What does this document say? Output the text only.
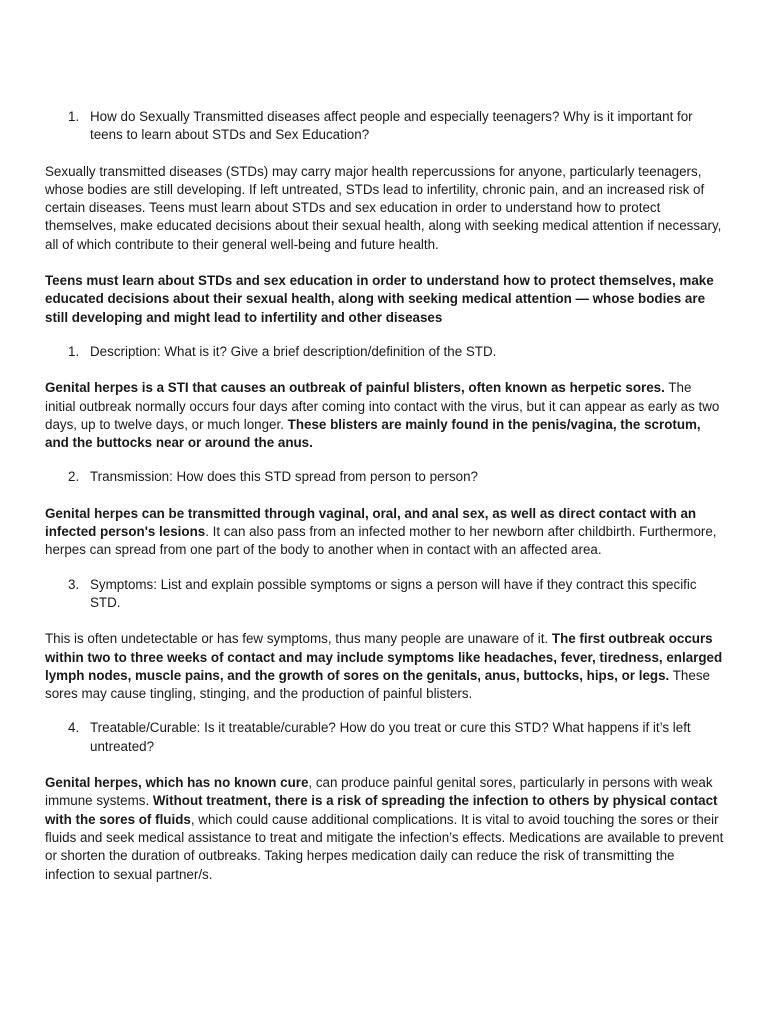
1. How do Sexually Transmitted diseases affect people and especially teenagers? Why is it important for teens to learn about STDs and Sex Education?

Sexually transmitted diseases (STDs) may carry major health repercussions for anyone, particularly teenagers, whose bodies are still developing. If left untreated, STDs lead to infertility, chronic pain, and an increased risk of certain diseases. Teens must learn about STDs and sex education in order to understand how to protect themselves, make educated decisions about their sexual health, along with seeking medical attention if necessary, all of which contribute to their general well-being and future health.

Teens must learn about STDs and sex education in order to understand how to protect themselves, make educated decisions about their sexual health, along with seeking medical attention — whose bodies are still developing and might lead to infertility and other diseases

1. Description: What is it? Give a brief description/definition of the STD.

Genital herpes is a STI that causes an outbreak of painful blisters, often known as herpetic sores. The initial outbreak normally occurs four days after coming into contact with the virus, but it can appear as early as two days, up to twelve days, or much longer. These blisters are mainly found in the penis/vagina, the scrotum, and the buttocks near or around the anus.

2. Transmission: How does this STD spread from person to person?

Genital herpes can be transmitted through vaginal, oral, and anal sex, as well as direct contact with an infected person's lesions. It can also pass from an infected mother to her newborn after childbirth. Furthermore, herpes can spread from one part of the body to another when in contact with an affected area.

3. Symptoms: List and explain possible symptoms or signs a person will have if they contract this specific STD.

This is often undetectable or has few symptoms, thus many people are unaware of it. The first outbreak occurs within two to three weeks of contact and may include symptoms like headaches, fever, tiredness, enlarged lymph nodes, muscle pains, and the growth of sores on the genitals, anus, buttocks, hips, or legs. These sores may cause tingling, stinging, and the production of painful blisters.

4. Treatable/Curable: Is it treatable/curable? How do you treat or cure this STD? What happens if it’s left untreated?

Genital herpes, which has no known cure, can produce painful genital sores, particularly in persons with weak immune systems. Without treatment, there is a risk of spreading the infection to others by physical contact with the sores of fluids, which could cause additional complications. It is vital to avoid touching the sores or their fluids and seek medical assistance to treat and mitigate the infection’s effects. Medications are available to prevent or shorten the duration of outbreaks. Taking herpes medication daily can reduce the risk of transmitting the infection to sexual partner/s.
